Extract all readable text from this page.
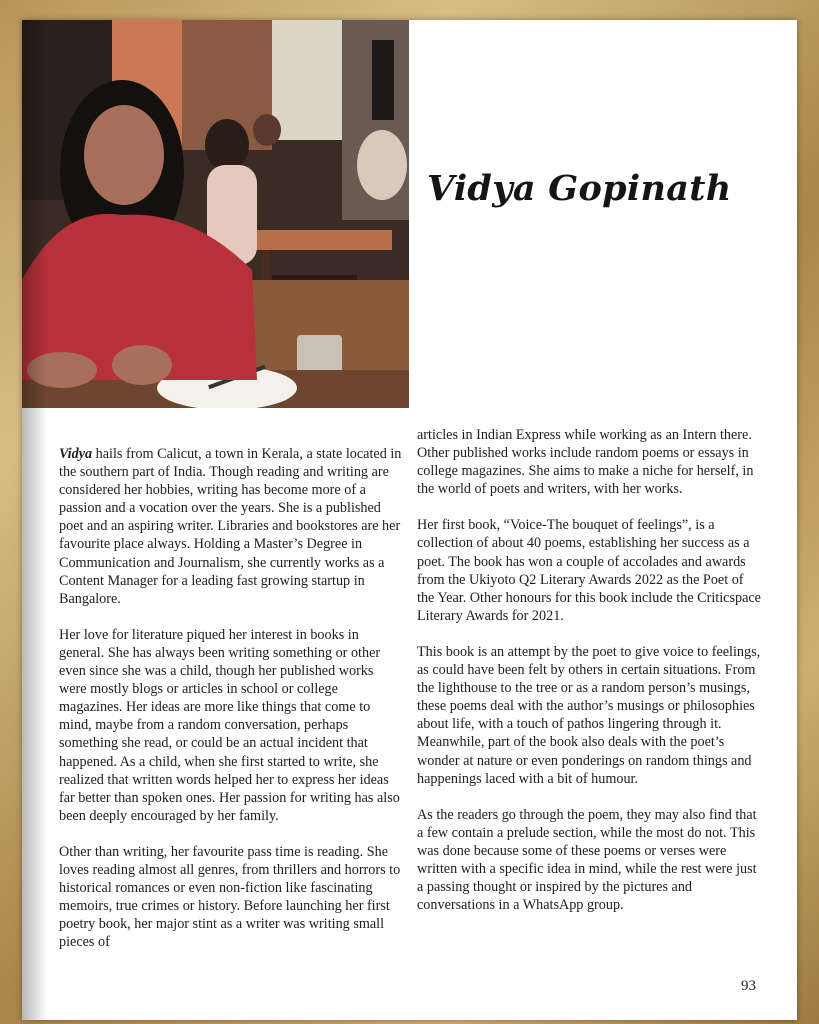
Vidya Gopinath

Vidya hails from Calicut, a town in Kerala, a state located in the southern part of India. Though reading and writing are considered her hobbies, writing has become more of a passion and a vocation over the years. She is a published poet and an aspiring writer. Libraries and bookstores are her favourite place always. Holding a Master’s Degree in Communication and Journalism, she currently works as a Content Manager for a leading fast growing startup in Bangalore.

Her love for literature piqued her interest in books in general. She has always been writing something or other even since she was a child, though her published works were mostly blogs or articles in school or college magazines. Her ideas are more like things that come to mind, maybe from a random conversation, perhaps something she read, or could be an actual incident that happened. As a child, when she first started to write, she realized that written words helped her to express her ideas far better than spoken ones. Her passion for writing has also been deeply encouraged by her family.

Other than writing, her favourite pass time is reading. She loves reading almost all genres, from thrillers and horrors to historical romances or even non-fiction like fascinating memoirs, true crimes or history. Before launching her first poetry book, her major stint as a writer was writing small pieces of

articles in Indian Express while working as an Intern there. Other published works include random poems or essays in college magazines. She aims to make a niche for herself, in the world of poets and writers, with her works.

Her first book, “Voice-The bouquet of feelings”, is a collection of about 40 poems, establishing her success as a poet. The book has won a couple of accolades and awards from the Ukiyoto Q2 Literary Awards 2022 as the Poet of the Year. Other honours for this book include the Criticspace Literary Awards for 2021.

This book is an attempt by the poet to give voice to feelings, as could have been felt by others in certain situations. From the lighthouse to the tree or as a random person’s musings, these poems deal with the author’s musings or philosophies about life, with a touch of pathos lingering through it. Meanwhile, part of the book also deals with the poet’s wonder at nature or even ponderings on random things and happenings laced with a bit of humour.

As the readers go through the poem, they may also find that a few contain a prelude section, while the most do not. This was done because some of these poems or verses were written with a specific idea in mind, while the rest were just a passing thought or inspired by the pictures and conversations in a WhatsApp group.

93
